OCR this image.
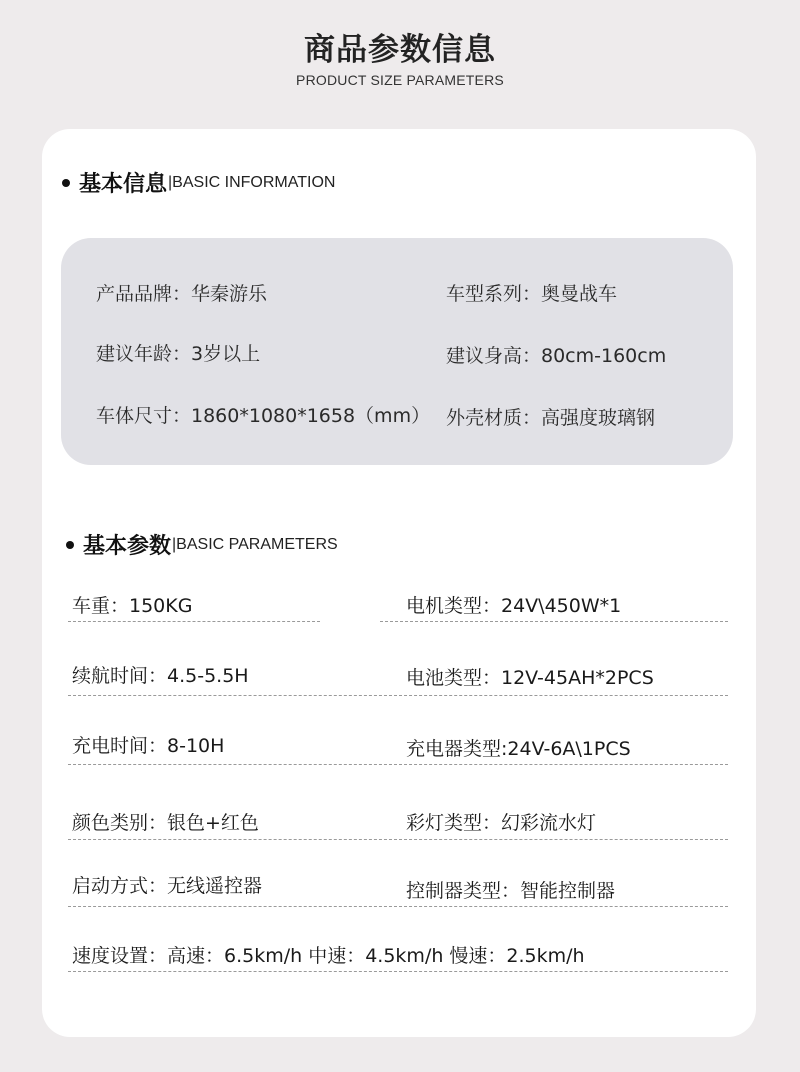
商品参数信息
PRODUCT SIZE PARAMETERS
基本信息 |BASIC INFORMATION
产品品牌：华秦游乐	车型系列：奥曼战车
建议年龄：3岁以上	建议身高：80cm-160cm
车体尺寸：1860*1080*1658（mm） 外壳材质：高强度玻璃钢
基本参数 |BASIC PARAMETERS
车重：150KG	电机类型：24V\450W*1
续航时间：4.5-5.5H	电池类型：12V-45AH*2PCS
充电时间：8-10H	充电器类型:24V-6A\1PCS
颜色类别：银色+红色	彩灯类型：幻彩流水灯
启动方式：无线遥控器	控制器类型：智能控制器
速度设置：高速：6.5km/h 中速：4.5km/h 慢速：2.5km/h
